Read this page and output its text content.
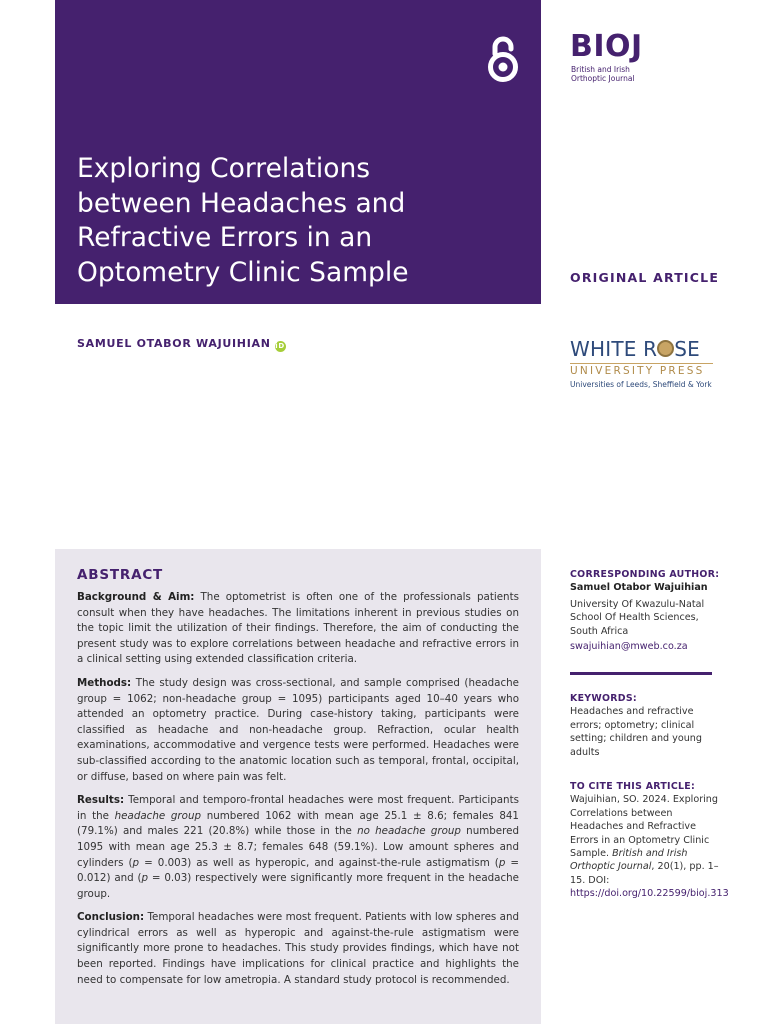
Exploring Correlations
between Headaches and
Refractive Errors in an
Optometry Clinic Sample
BIOJ
British and Irish
Orthoptic Journal
ORIGINAL ARTICLE
SAMUEL OTABOR WAJUIHIAN iD	WHITE R SE
UNIVERSITY PRESS
Universities of Leeds, Sheffield & York
ABSTRACT

Background & Aim: The optometrist is often one of the professionals patients consult when they have headaches. The limitations inherent in previous studies on the topic limit the utilization of their findings. Therefore, the aim of conducting the present study was to explore correlations between headache and refractive errors in a clinical setting using extended classification criteria.

Methods: The study design was cross-sectional, and sample comprised (headache group = 1062; non-headache group = 1095) participants aged 10–40 years who attended an optometry practice. During case-history taking, participants were classified as headache and non-headache group. Refraction, ocular health examinations, accommodative and vergence tests were performed. Headaches were sub-classified according to the anatomic location such as temporal, frontal, occipital, or diffuse, based on where pain was felt.

Results: Temporal and temporo-frontal headaches were most frequent. Participants in the headache group numbered 1062 with mean age 25.1 ± 8.6; females 841 (79.1%) and males 221 (20.8%) while those in the no headache group numbered 1095 with mean age 25.3 ± 8.7; females 648 (59.1%). Low amount spheres and cylinders (p = 0.003) as well as hyperopic, and against-the-rule astigmatism (p = 0.012) and (p = 0.03) respectively were significantly more frequent in the headache group.

Conclusion: Temporal headaches were most frequent. Patients with low spheres and cylindrical errors as well as hyperopic and against-the-rule astigmatism were significantly more prone to headaches. This study provides findings, which have not been reported. Findings have implications for clinical practice and highlights the need to compensate for low ametropia. A standard study protocol is recommended.

CORRESPONDING AUTHOR:
Samuel Otabor Wajuihian
University Of Kwazulu-Natal
School Of Health Sciences,
South Africa
swajuihian@mweb.co.za
KEYWORDS:
Headaches and refractive errors; optometry; clinical setting; children and young adults
TO CITE THIS ARTICLE:
Wajuihian, SO. 2024. Exploring Correlations between Headaches and Refractive Errors in an Optometry Clinic Sample. British and Irish Orthoptic Journal, 20(1), pp. 1–15. DOI: https://doi.org/10.22599/bioj.313
